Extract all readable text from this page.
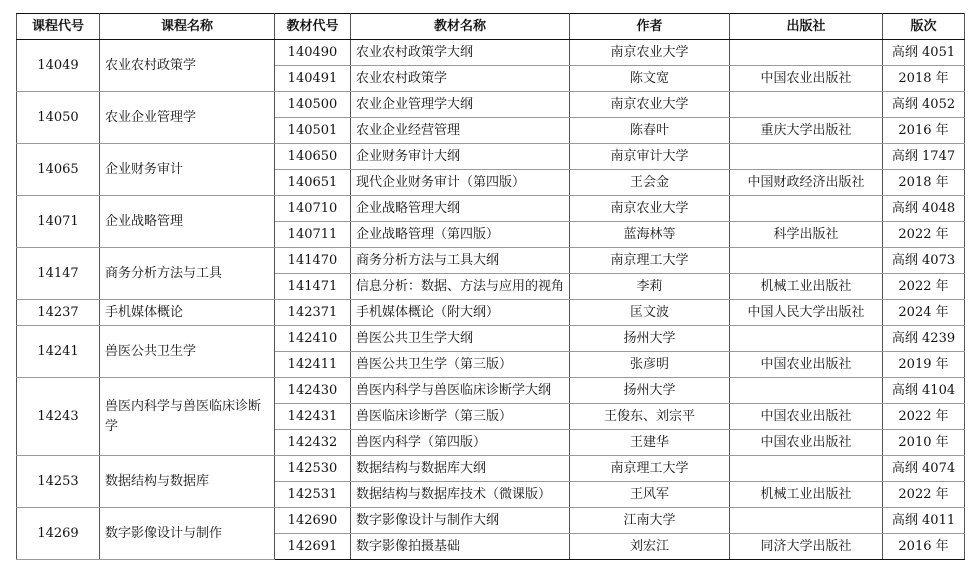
课程代号	课程名称	教材代号	教材名称	作者	出版社	版次
14049	农业农村政策学	140490	农业农村政策学大纲	南京农业大学		高纲 4051
		140491	农业农村政策学	陈文宽	中国农业出版社	2018 年
14050	农业企业管理学	140500	农业企业管理学大纲	南京农业大学		高纲 4052
		140501	农业企业经营管理	陈春叶	重庆大学出版社	2016 年
14065	企业财务审计	140650	企业财务审计大纲	南京审计大学		高纲 1747
		140651	现代企业财务审计（第四版）	王会金	中国财政经济出版社	2018 年
14071	企业战略管理	140710	企业战略管理大纲	南京农业大学		高纲 4048
		140711	企业战略管理（第四版）	蓝海林等	科学出版社	2022 年
14147	商务分析方法与工具	141470	商务分析方法与工具大纲	南京理工大学		高纲 4073
		141471	信息分析：数据、方法与应用的视角	李莉	机械工业出版社	2022 年
14237	手机媒体概论	142371	手机媒体概论（附大纲）	匡文波	中国人民大学出版社	2024 年
14241	兽医公共卫生学	142410	兽医公共卫生学大纲	扬州大学		高纲 4239
		142411	兽医公共卫生学（第三版）	张彦明	中国农业出版社	2019 年
14243	兽医内科学与兽医临床诊断学	142430	兽医内科学与兽医临床诊断学大纲	扬州大学		高纲 4104
		142431	兽医临床诊断学（第三版）	王俊东、刘宗平	中国农业出版社	2022 年
		142432	兽医内科学（第四版）	王建华	中国农业出版社	2010 年
14253	数据结构与数据库	142530	数据结构与数据库大纲	南京理工大学		高纲 4074
		142531	数据结构与数据库技术（微课版）	王风军	机械工业出版社	2022 年
14269	数字影像设计与制作	142690	数字影像设计与制作大纲	江南大学		高纲 4011
		142691	数字影像拍摄基础	刘宏江	同济大学出版社	2016 年
